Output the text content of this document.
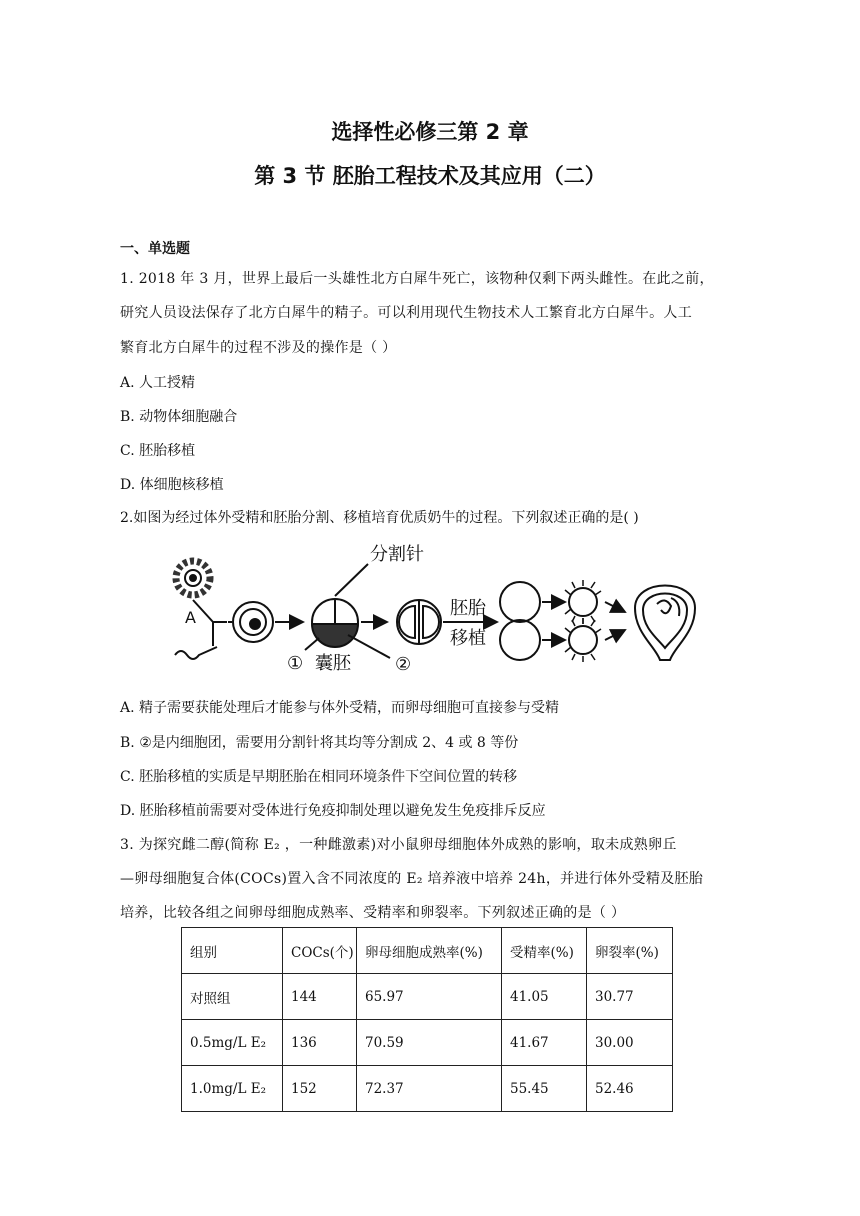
选择性必修三第 2 章
第 3 节 胚胎工程技术及其应用（二）
一、单选题
1. 2018 年 3 月，世界上最后一头雄性北方白犀牛死亡，该物种仅剩下两头雌性。在此之前，
研究人员设法保存了北方白犀牛的精子。可以利用现代生物技术人工繁育北方白犀牛。人工
繁育北方白犀牛的过程不涉及的操作是（ ）
A. 人工授精
B. 动物体细胞融合
C. 胚胎移植
D. 体细胞核移植
2.如图为经过体外受精和胚胎分割、移植培育优质奶牛的过程。下列叙述正确的是( )
A
分割针
① 囊胚 ②
胚胎
移植
A. 精子需要获能处理后才能参与体外受精，而卵母细胞可直接参与受精
B. ②是内细胞团，需要用分割针将其均等分割成 2、4 或 8 等份
C. 胚胎移植的实质是早期胚胎在相同环境条件下空间位置的转移
D. 胚胎移植前需要对受体进行免疫抑制处理以避免发生免疫排斥反应
3. 为探究雌二醇(简称 E₂ ，一种雌激素)对小鼠卵母细胞体外成熟的影响，取未成熟卵丘
—卵母细胞复合体(COCs)置入含不同浓度的 E₂ 培养液中培养 24h，并进行体外受精及胚胎
培养，比较各组之间卵母细胞成熟率、受精率和卵裂率。下列叙述正确的是（ ）
组别	COCs(个)	卵母细胞成熟率(%)	受精率(%)	卵裂率(%)
对照组	144	65.97	41.05	30.77
0.5mg/L E₂	136	70.59	41.67	30.00
1.0mg/L E₂	152	72.37	55.45	52.46
